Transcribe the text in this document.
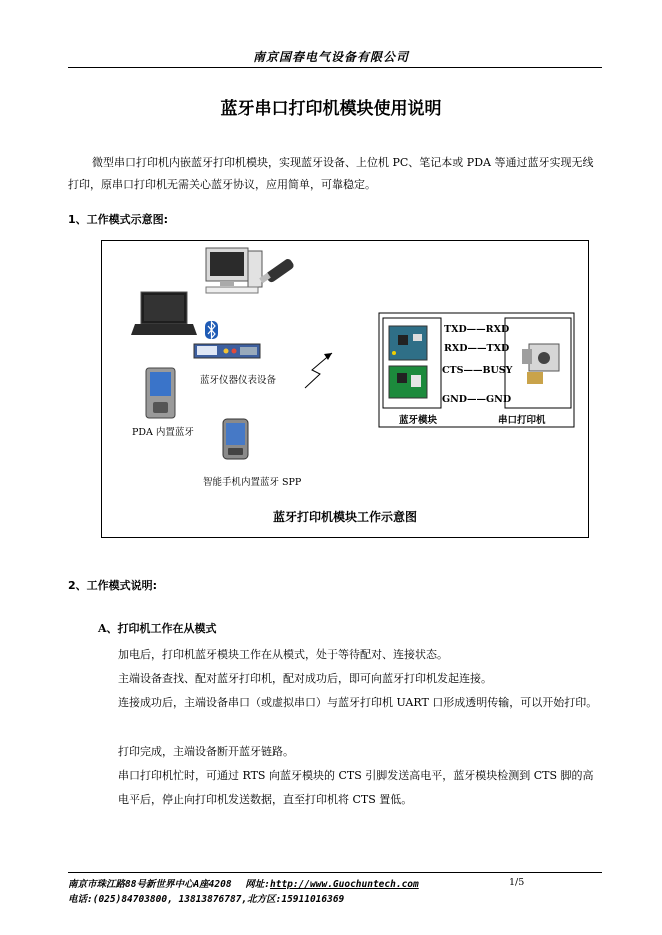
南京国春电气设备有限公司
蓝牙串口打印机模块使用说明
微型串口打印机内嵌蓝牙打印机模块，实现蓝牙设备、上位机 PC、笔记本或 PDA 等通过蓝牙实现无线打印，原串口打印机无需关心蓝牙协议，应用简单，可靠稳定。
1、工作模式示意图:
蓝牙仪器仪表设备
PDA 内置蓝牙
智能手机内置蓝牙 SPP
TXD——RXD
RXD——TXD
CTS——BUSY
GND——GND
蓝牙模块	串口打印机
蓝牙打印机模块工作示意图
2、工作模式说明:
A、打印机工作在从模式
加电后，打印机蓝牙模块工作在从模式，处于等待配对、连接状态。
主端设备查找、配对蓝牙打印机，配对成功后，即可向蓝牙打印机发起连接。
连接成功后，主端设备串口（或虚拟串口）与蓝牙打印机 UART 口形成透明传输，可以开始打印。
打印完成，主端设备断开蓝牙链路。
串口打印机忙时，可通过 RTS 向蓝牙模块的 CTS 引脚发送高电平，蓝牙模块检测到 CTS 脚的高电平后，停止向打印机发送数据，直至打印机将 CTS 置低。
南京市珠江路88号新世界中心A座4208 网址:http://www.Guochuntech.com	1/5
电话:(025)84703800, 13813876787,北方区:15911016369
